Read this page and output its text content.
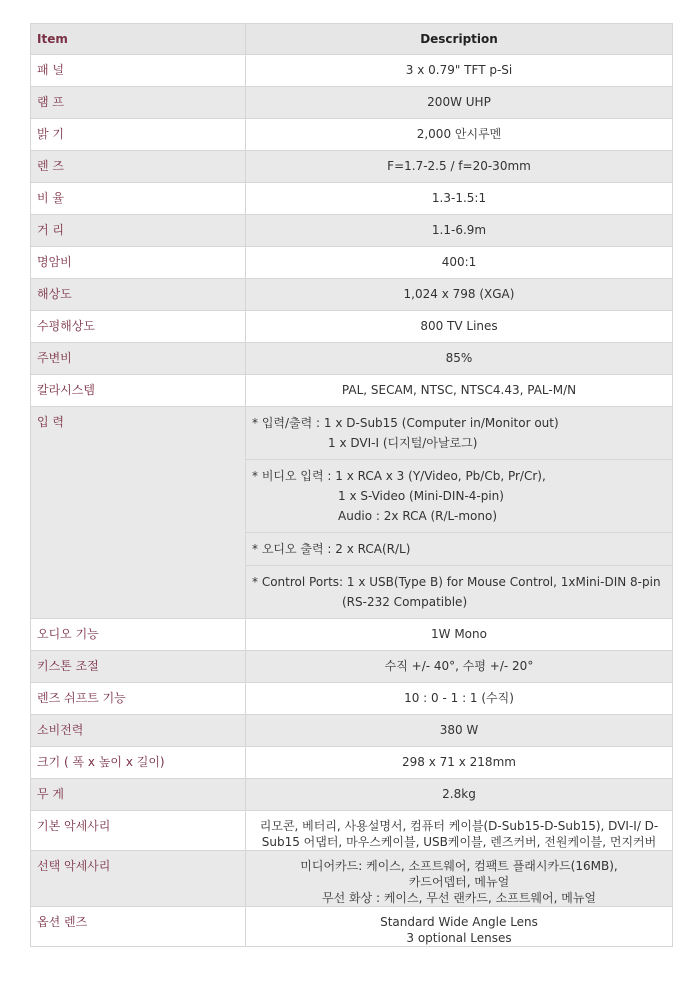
Item	Description
패 널	3 x 0.79" TFT p-Si

램 프	200W UHP

밝 기	2,000 안시루멘

렌 즈	F=1.7-2.5 / f=20-30mm

비 율	1.3-1.5:1

거 리	1.1-6.9m

명암비	400:1

해상도	1,024 x 798 (XGA)

수평해상도	800 TV Lines

주변비	85%

칼라시스템	PAL, SECAM, NTSC, NTSC4.43, PAL-M/N

입 력		* 입력/출력 : 1 x D-Sub15 (Computer in/Monitor out)
1 x DVI-I (디지털/아날로그)

* 비디오 입력 : 1 x RCA x 3 (Y/Video, Pb/Cb, Pr/Cr),
1 x S-Video (Mini-DIN-4-pin)
Audio : 2x RCA (R/L-mono)

* 오디오 출력 : 2 x RCA(R/L)

* Control Ports: 1 x USB(Type B) for Mouse Control, 1xMini-DIN 8-pin
(RS-232 Compatible)

오디오 기능	1W Mono

키스톤 조절	수직 +/- 40°, 수평 +/- 20°

렌즈 쉬프트 기능	10 : 0 - 1 : 1 (수직)

소비전력	380 W

크기 ( 폭 x 높이 x 길이)	298 x 71 x 218mm

무 게	2.8kg

기본 악세사리	리모콘, 베터리, 사용설명서, 컴퓨터 케이블(D-Sub15-D-Sub15), DVI-I/ D-
Sub15 어댑터, 마우스케이블, USB케이블, 렌즈커버, 전원케이블, 먼지커버

선택 악세사리	미디어카드: 케이스, 소프트웨어, 컴팩트 플래시카드(16MB),
카드어뎁터, 메뉴얼
무선 화상 : 케이스, 무선 랜카드, 소프트웨어, 메뉴얼

옵션 렌즈	Standard Wide Angle Lens
3 optional Lenses
